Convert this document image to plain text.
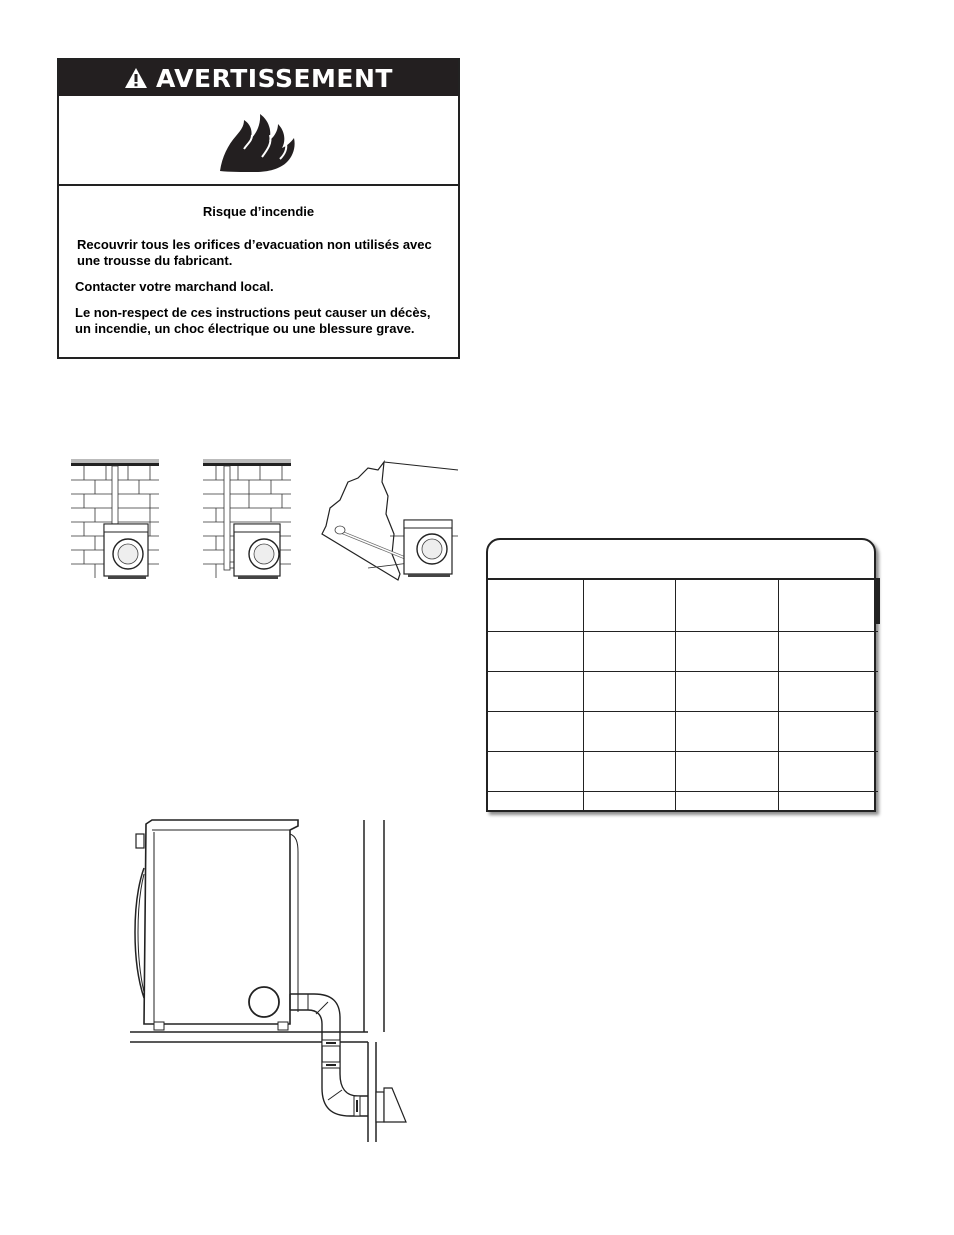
AVERTISSEMENT
Risque d’incendie
Recouvrir tous les orifices d’evacuation non utilisés avec une trousse du fabricant.
Contacter votre marchand local.
Le non-respect de ces instructions peut causer un décès, un incendie, un choc électrique ou une blessure grave.
